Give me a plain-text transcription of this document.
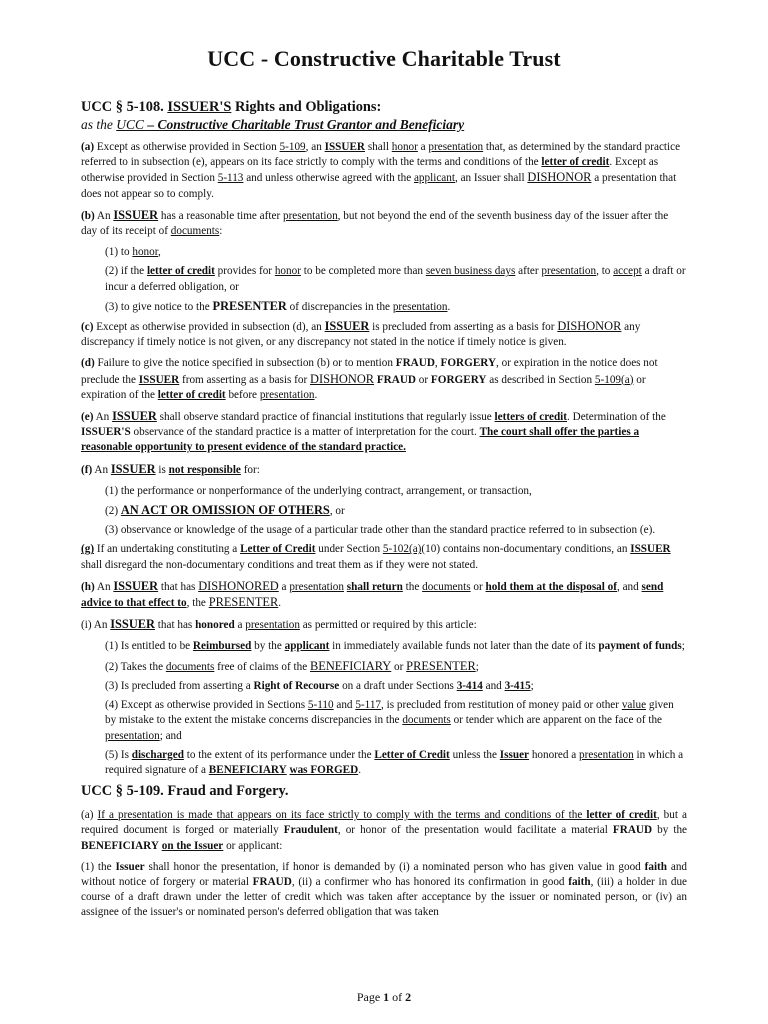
UCC - Constructive Charitable Trust
UCC § 5-108. ISSUER'S Rights and Obligations:
as the UCC – Constructive Charitable Trust Grantor and Beneficiary

(a) Except as otherwise provided in Section 5-109, an ISSUER shall honor a presentation that, as determined by the standard practice referred to in subsection (e), appears on its face strictly to comply with the terms and conditions of the letter of credit. Except as otherwise provided in Section 5-113 and unless otherwise agreed with the applicant, an Issuer shall DISHONOR a presentation that does not appear so to comply.

(b) An ISSUER has a reasonable time after presentation, but not beyond the end of the seventh business day of the issuer after the day of its receipt of documents:

(1) to honor,

(2) if the letter of credit provides for honor to be completed more than seven business days after presentation, to accept a draft or incur a deferred obligation, or

(3) to give notice to the PRESENTER of discrepancies in the presentation.

(c) Except as otherwise provided in subsection (d), an ISSUER is precluded from asserting as a basis for DISHONOR any discrepancy if timely notice is not given, or any discrepancy not stated in the notice if timely notice is given.

(d) Failure to give the notice specified in subsection (b) or to mention FRAUD, FORGERY, or expiration in the notice does not preclude the ISSUER from asserting as a basis for DISHONOR FRAUD or FORGERY as described in Section 5-109(a) or expiration of the letter of credit before presentation.

(e) An ISSUER shall observe standard practice of financial institutions that regularly issue letters of credit. Determination of the ISSUER'S observance of the standard practice is a matter of interpretation for the court. The court shall offer the parties a reasonable opportunity to present evidence of the standard practice.

(f) An ISSUER is not responsible for:

(1) the performance or nonperformance of the underlying contract, arrangement, or transaction,

(2) AN ACT OR OMISSION OF OTHERS, or

(3) observance or knowledge of the usage of a particular trade other than the standard practice referred to in subsection (e).

(g) If an undertaking constituting a Letter of Credit under Section 5-102(a)(10) contains non-documentary conditions, an ISSUER shall disregard the non-documentary conditions and treat them as if they were not stated.

(h) An ISSUER that has DISHONORED a presentation shall return the documents or hold them at the disposal of, and send advice to that effect to, the PRESENTER.

(i) An ISSUER that has honored a presentation as permitted or required by this article:

(1) Is entitled to be Reimbursed by the applicant in immediately available funds not later than the date of its payment of funds;

(2) Takes the documents free of claims of the BENEFICIARY or PRESENTER;

(3) Is precluded from asserting a Right of Recourse on a draft under Sections 3-414 and 3-415;

(4) Except as otherwise provided in Sections 5-110 and 5-117, is precluded from restitution of money paid or other value given by mistake to the extent the mistake concerns discrepancies in the documents or tender which are apparent on the face of the presentation; and

(5) Is discharged to the extent of its performance under the Letter of Credit unless the Issuer honored a presentation in which a required signature of a BENEFICIARY was FORGED.

UCC § 5-109. Fraud and Forgery.

(a) If a presentation is made that appears on its face strictly to comply with the terms and conditions of the letter of credit, but a required document is forged or materially Fraudulent, or honor of the presentation would facilitate a material FRAUD by the BENEFICIARY on the Issuer or applicant:

(1) the Issuer shall honor the presentation, if honor is demanded by (i) a nominated person who has given value in good faith and without notice of forgery or material FRAUD, (ii) a confirmer who has honored its confirmation in good faith, (iii) a holder in due course of a draft drawn under the letter of credit which was taken after acceptance by the issuer or nominated person, or (iv) an assignee of the issuer's or nominated person's deferred obligation that was taken

Page 1 of 2
